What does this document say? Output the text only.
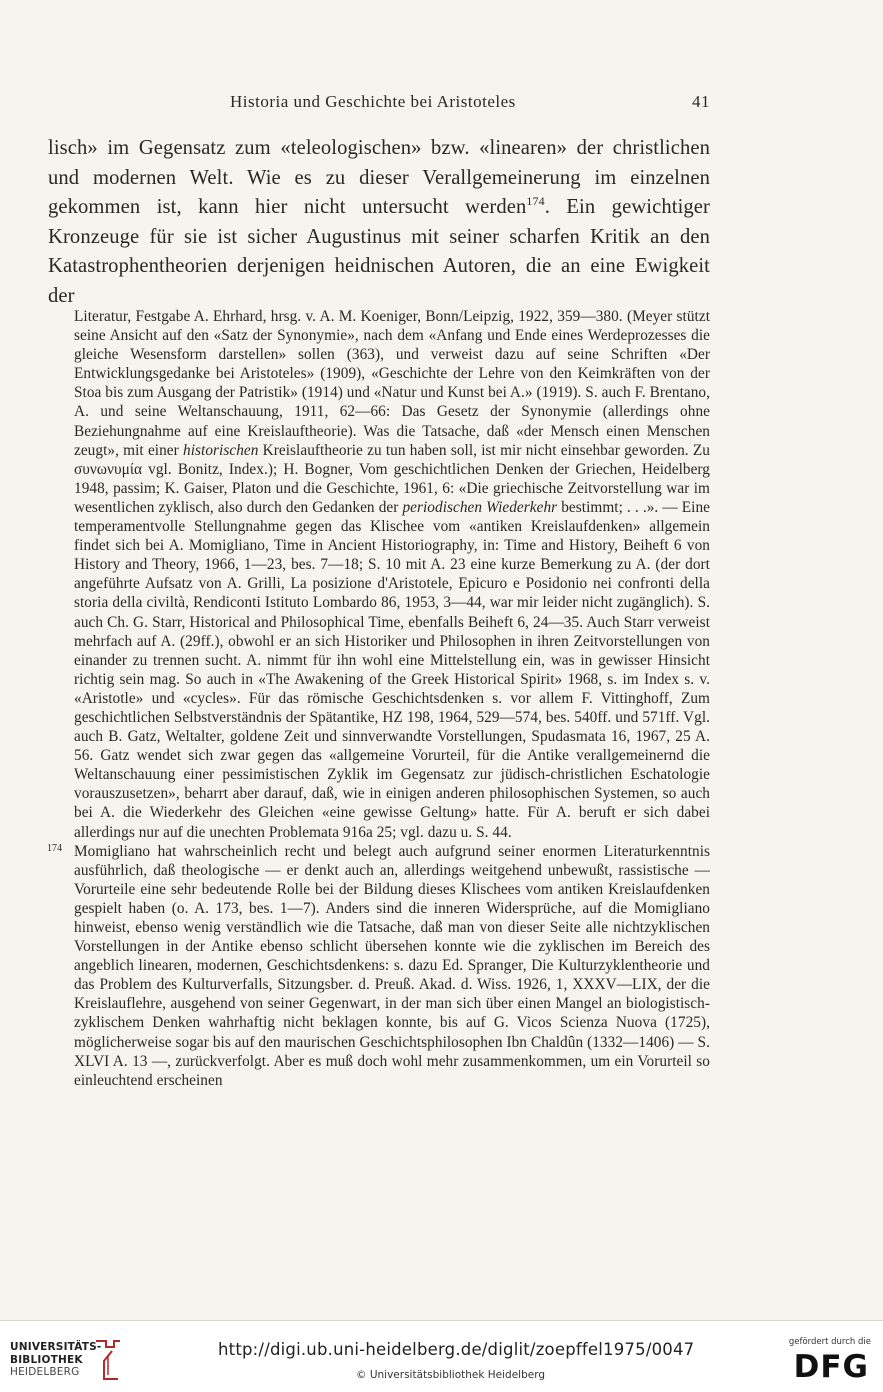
Historia und Geschichte bei Aristoteles	41
lisch» im Gegensatz zum «teleologischen» bzw. «linearen» der christlichen und modernen Welt. Wie es zu dieser Verallgemeinerung im einzelnen gekommen ist, kann hier nicht untersucht werden$^{174}$. Ein gewichtiger Kronzeuge für sie ist sicher Augustinus mit seiner scharfen Kritik an den Katastrophentheorien derjenigen heidnischen Autoren, die an eine Ewigkeit der

Literatur, Festgabe A. Ehrhard, hrsg. v. A. M. Koeniger, Bonn/Leipzig, 1922, 359—380. (Meyer stützt seine Ansicht auf den «Satz der Synonymie», nach dem «Anfang und Ende eines Werdeprozesses die gleiche Wesensform darstellen» sollen (363), und verweist dazu auf seine Schriften «Der Entwicklungsgedanke bei Aristoteles» (1909), «Geschichte der Lehre von den Keimkräften von der Stoa bis zum Ausgang der Patristik» (1914) und «Natur und Kunst bei A.» (1919). S. auch F. Brentano, A. und seine Weltanschauung, 1911, 62—66: Das Gesetz der Synonymie (allerdings ohne Beziehungnahme auf eine Kreislauftheorie). Was die Tatsache, daß «der Mensch einen Menschen zeugt», mit einer historischen Kreislauftheorie zu tun haben soll, ist mir nicht einsehbar geworden. Zu συνωνυμία vgl. Bonitz, Index.); H. Bogner, Vom geschichtlichen Denken der Griechen, Heidelberg 1948, passim; K. Gaiser, Platon und die Geschichte, 1961, 6: «Die griechische Zeitvorstellung war im wesentlichen zyklisch, also durch den Gedanken der periodischen Wiederkehr bestimmt; . . .». — Eine temperamentvolle Stellungnahme gegen das Klischee vom «antiken Kreislaufdenken» allgemein findet sich bei A. Momigliano, Time in Ancient Historiography, in: Time and History, Beiheft 6 von History and Theory, 1966, 1—23, bes. 7—18; S. 10 mit A. 23 eine kurze Bemerkung zu A. (der dort angeführte Aufsatz von A. Grilli, La posizione d'Aristotele, Epicuro e Posidonio nei confronti della storia della civiltà, Rendiconti Istituto Lombardo 86, 1953, 3—44, war mir leider nicht zugänglich). S. auch Ch. G. Starr, Historical and Philosophical Time, ebenfalls Beiheft 6, 24—35. Auch Starr verweist mehrfach auf A. (29ff.), obwohl er an sich Historiker und Philosophen in ihren Zeitvorstellungen von einander zu trennen sucht. A. nimmt für ihn wohl eine Mittelstellung ein, was in gewisser Hinsicht richtig sein mag. So auch in «The Awakening of the Greek Historical Spirit» 1968, s. im Index s. v. «Aristotle» und «cycles». Für das römische Geschichtsdenken s. vor allem F. Vittinghoff, Zum geschichtlichen Selbstverständnis der Spätantike, HZ 198, 1964, 529—574, bes. 540ff. und 571ff. Vgl. auch B. Gatz, Weltalter, goldene Zeit und sinnverwandte Vorstellungen, Spudasmata 16, 1967, 25 A. 56. Gatz wendet sich zwar gegen das «allgemeine Vorurteil, für die Antike verallgemeinernd die Weltanschauung einer pessimistischen Zyklik im Gegensatz zur jüdisch-christlichen Eschatologie vorauszusetzen», beharrt aber darauf, daß, wie in einigen anderen philosophischen Systemen, so auch bei A. die Wiederkehr des Gleichen «eine gewisse Geltung» hatte. Für A. beruft er sich dabei allerdings nur auf die unechten Problemata 916a 25; vgl. dazu u. S. 44.

174 Momigliano hat wahrscheinlich recht und belegt auch aufgrund seiner enormen Literaturkenntnis ausführlich, daß theologische — er denkt auch an, allerdings weitgehend unbewußt, rassistische — Vorurteile eine sehr bedeutende Rolle bei der Bildung dieses Klischees vom antiken Kreislaufdenken gespielt haben (o. A. 173, bes. 1—7). Anders sind die inneren Widersprüche, auf die Momigliano hinweist, ebenso wenig verständlich wie die Tatsache, daß man von dieser Seite alle nichtzyklischen Vorstellungen in der Antike ebenso schlicht übersehen konnte wie die zyklischen im Bereich des angeblich linearen, modernen, Geschichtsdenkens: s. dazu Ed. Spranger, Die Kulturzyklentheorie und das Problem des Kulturverfalls, Sitzungsber. d. Preuß. Akad. d. Wiss. 1926, 1, XXXV—LIX, der die Kreislauflehre, ausgehend von seiner Gegenwart, in der man sich über einen Mangel an biologistisch-zyklischem Denken wahrhaftig nicht beklagen konnte, bis auf G. Vicos Scienza Nuova (1725), möglicherweise sogar bis auf den maurischen Geschichtsphilosophen Ibn Chaldûn (1332—1406) — S. XLVI A. 13 —, zurückverfolgt. Aber es muß doch wohl mehr zusammenkommen, um ein Vorurteil so einleuchtend erscheinen

UNIVERSITÄTS-
BIBLIOTHEK
HEIDELBERG
http://digi.ub.uni-heidelberg.de/diglit/zoepffel1975/0047
© Universitätsbibliothek Heidelberg
gefördert durch die
DFG
